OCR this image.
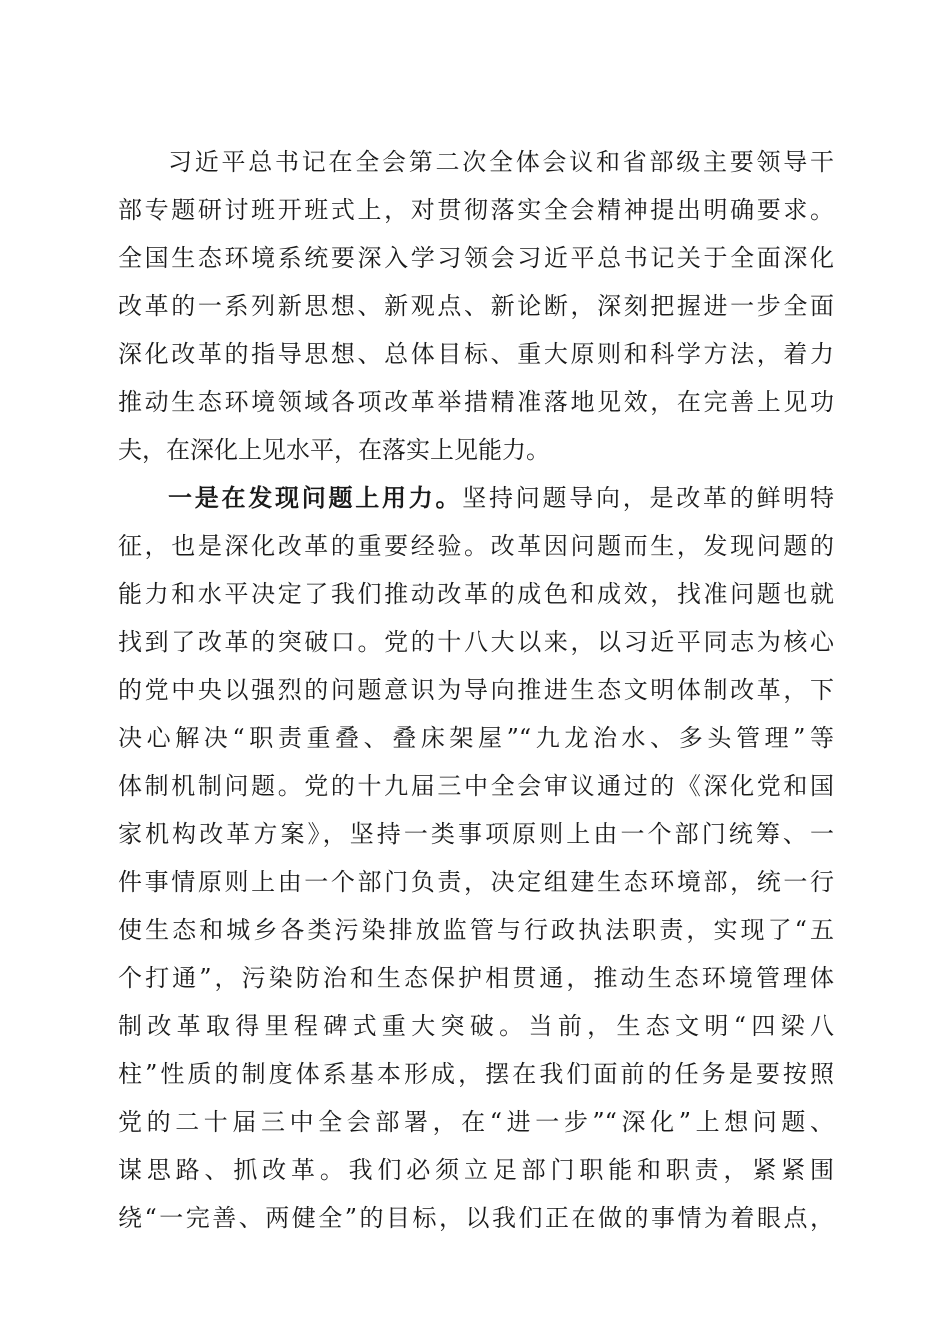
习近平总书记在全会第二次全体会议和省部级主要领导干
部专题研讨班开班式上，对贯彻落实全会精神提出明确要求。
全国生态环境系统要深入学习领会习近平总书记关于全面深化
改革的一系列新思想、新观点、新论断，深刻把握进一步全面
深化改革的指导思想、总体目标、重大原则和科学方法，着力
推动生态环境领域各项改革举措精准落地见效，在完善上见功
夫，在深化上见水平，在落实上见能力。
一是在发现问题上用力。坚持问题导向，是改革的鲜明特
征，也是深化改革的重要经验。改革因问题而生，发现问题的
能力和水平决定了我们推动改革的成色和成效，找准问题也就
找到了改革的突破口。党的十八大以来，以习近平同志为核心
的党中央以强烈的问题意识为导向推进生态文明体制改革，下
决心解决“职责重叠、叠床架屋”“九龙治水、多头管理”等
体制机制问题。党的十九届三中全会审议通过的《深化党和国
家机构改革方案》，坚持一类事项原则上由一个部门统筹、一
件事情原则上由一个部门负责，决定组建生态环境部，统一行
使生态和城乡各类污染排放监管与行政执法职责，实现了“五
个打通”，污染防治和生态保护相贯通，推动生态环境管理体
制改革取得里程碑式重大突破。当前，生态文明“四梁八
柱”性质的制度体系基本形成，摆在我们面前的任务是要按照
党的二十届三中全会部署，在“进一步”“深化”上想问题、
谋思路、抓改革。我们必须立足部门职能和职责，紧紧围
绕“一完善、两健全”的目标，以我们正在做的事情为着眼点，
